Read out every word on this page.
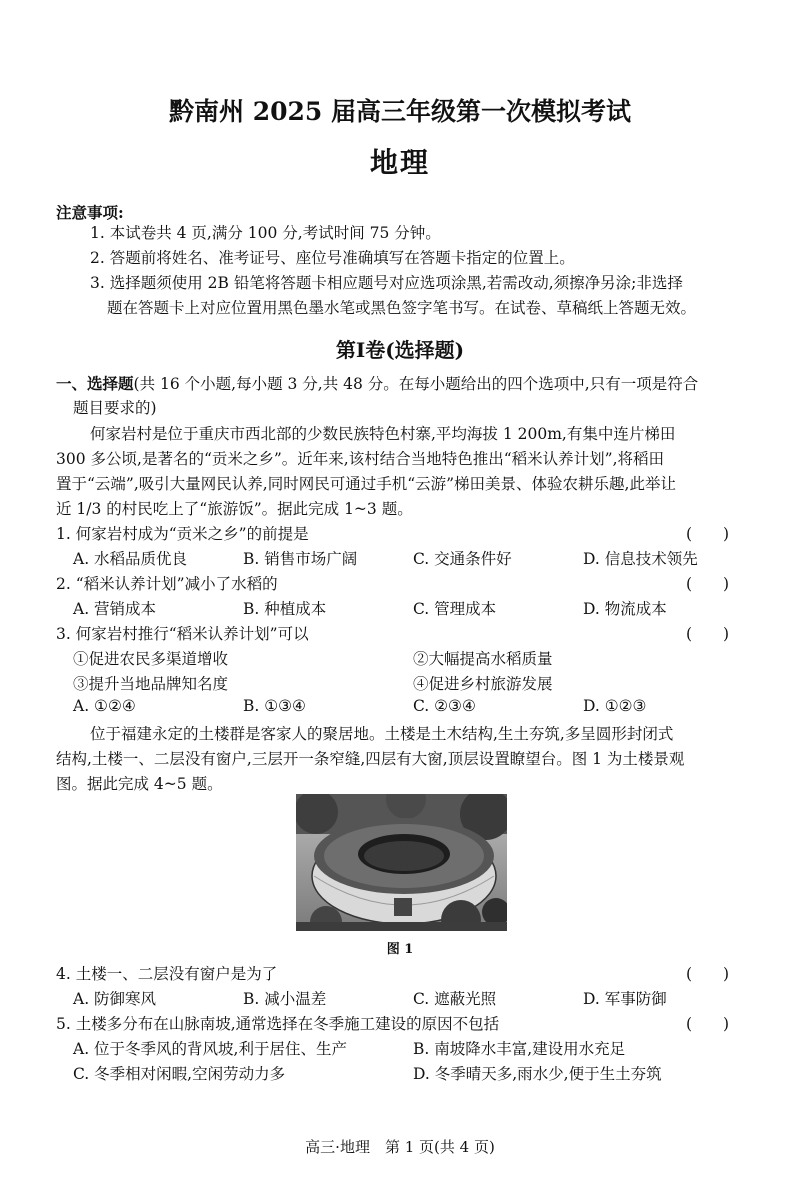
黔南州 2025 届高三年级第一次模拟考试
地理
注意事项:
1. 本试卷共 4 页,满分 100 分,考试时间 75 分钟。
2. 答题前将姓名、准考证号、座位号准确填写在答题卡指定的位置上。
3. 选择题须使用 2B 铅笔将答题卡相应题号对应选项涂黑,若需改动,须擦净另涂;非选择
题在答题卡上对应位置用黑色墨水笔或黑色签字笔书写。在试卷、草稿纸上答题无效。
第Ⅰ卷(选择题)
一、选择题(共 16 个小题,每小题 3 分,共 48 分。在每小题给出的四个选项中,只有一项是符合
题目要求的)
何家岩村是位于重庆市西北部的少数民族特色村寨,平均海拔 1 200m,有集中连片梯田
300 多公顷,是著名的“贡米之乡”。近年来,该村结合当地特色推出“稻米认养计划”,将稻田
置于“云端”,吸引大量网民认养,同时网民可通过手机“云游”梯田美景、体验农耕乐趣,此举让
近 1/3 的村民吃上了“旅游饭”。据此完成 1~3 题。
1. 何家岩村成为“贡米之乡”的前提是	(　　)
A. 水稻品质优良	B. 销售市场广阔	C. 交通条件好	D. 信息技术领先
2. “稻米认养计划”减小了水稻的	(　　)
A. 营销成本	B. 种植成本	C. 管理成本	D. 物流成本
3. 何家岩村推行“稻米认养计划”可以	(　　)
①促进农民多渠道增收	②大幅提高水稻质量
③提升当地品牌知名度	④促进乡村旅游发展
A. ①②④	B. ①③④	C. ②③④	D. ①②③
位于福建永定的土楼群是客家人的聚居地。土楼是土木结构,生土夯筑,多呈圆形封闭式
结构,土楼一、二层没有窗户,三层开一条窄缝,四层有大窗,顶层设置瞭望台。图 1 为土楼景观
图。据此完成 4~5 题。
图 1
4. 土楼一、二层没有窗户是为了	(　　)
A. 防御寒风	B. 减小温差	C. 遮蔽光照	D. 军事防御
5. 土楼多分布在山脉南坡,通常选择在冬季施工建设的原因不包括	(　　)
A. 位于冬季风的背风坡,利于居住、生产	B. 南坡降水丰富,建设用水充足
C. 冬季相对闲暇,空闲劳动力多	D. 冬季晴天多,雨水少,便于生土夯筑
高三·地理　第 1 页(共 4 页)
